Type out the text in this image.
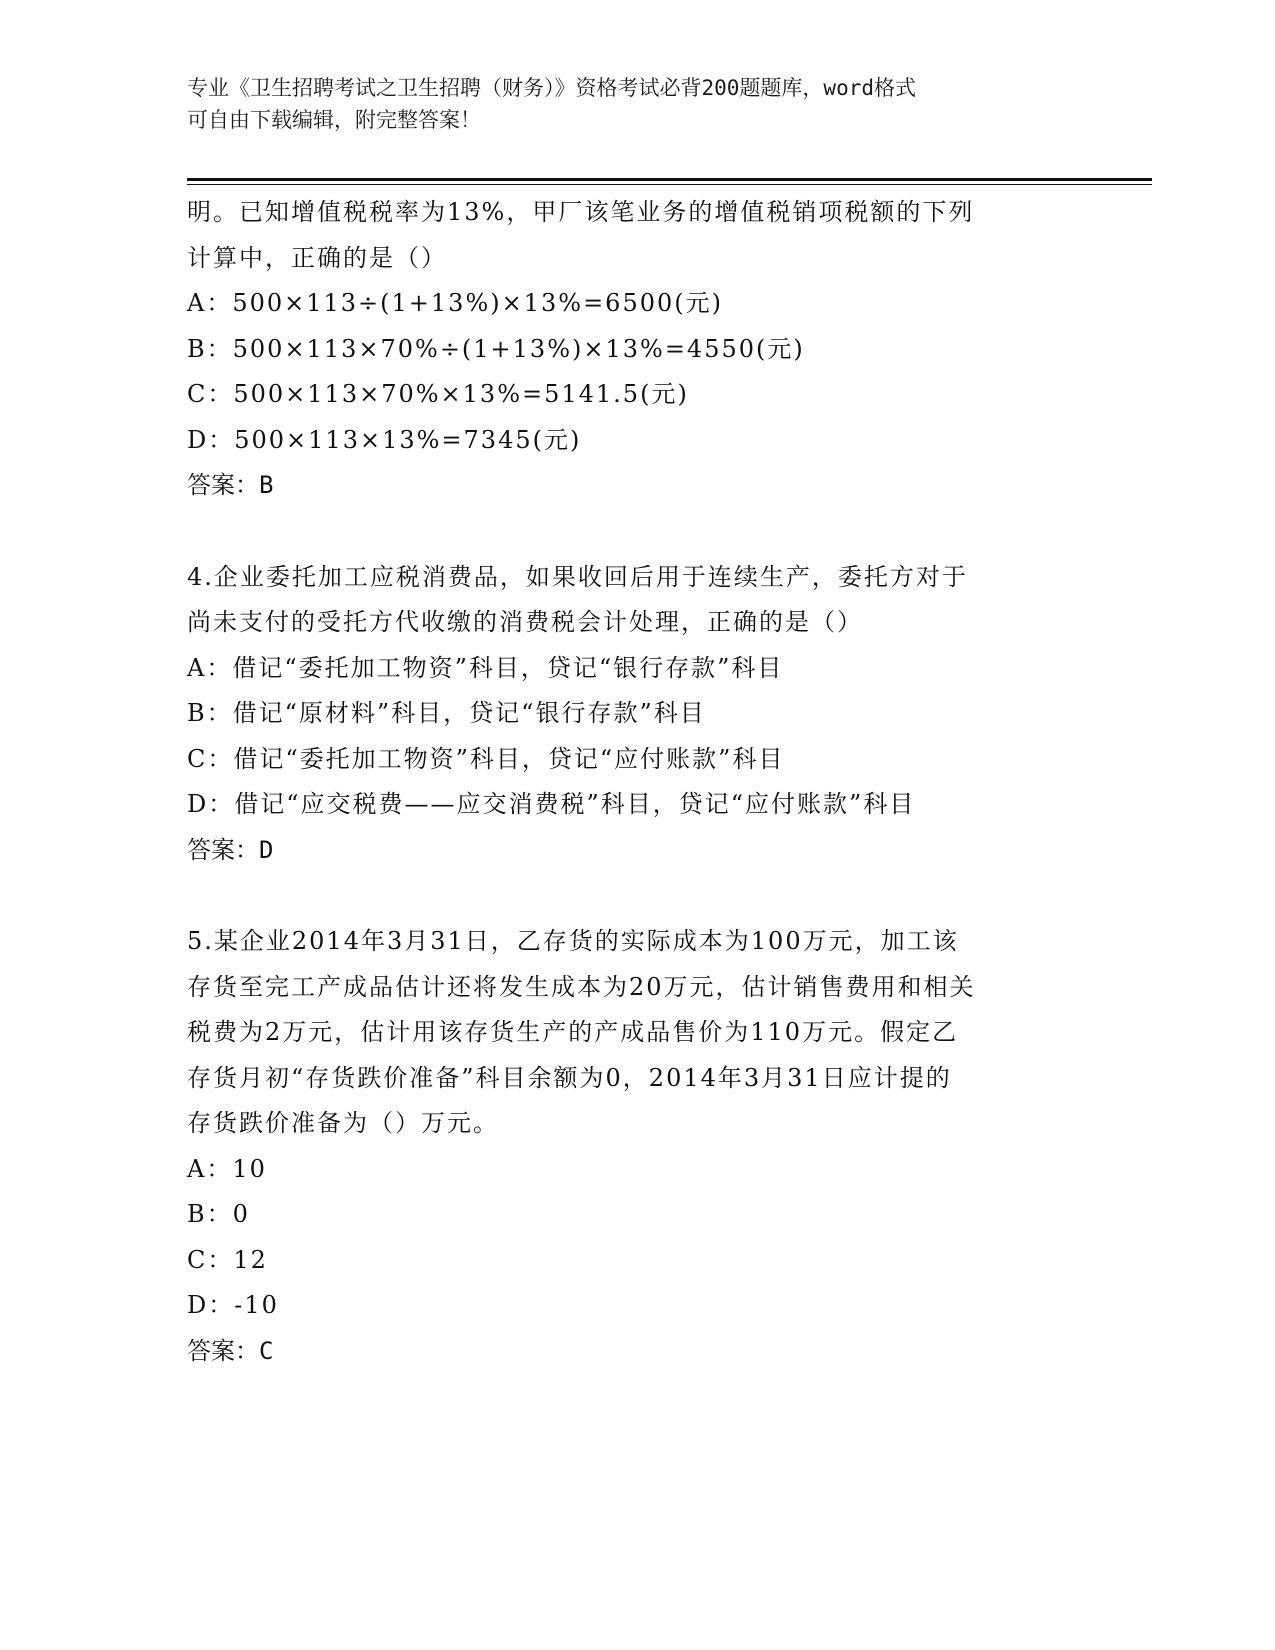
专业《卫生招聘考试之卫生招聘（财务）》资格考试必背200题题库，word格式
可自由下载编辑，附完整答案！
明。已知增值税税率为13%，甲厂该笔业务的增值税销项税额的下列
计算中，正确的是（）
A：500×113÷(1+13%)×13%=6500(元)
B：500×113×70%÷(1+13%)×13%=4550(元)
C：500×113×70%×13%=5141.5(元)
D：500×113×13%=7345(元)
答案：B
4.企业委托加工应税消费品，如果收回后用于连续生产，委托方对于
尚未支付的受托方代收缴的消费税会计处理，正确的是（）
A：借记“委托加工物资”科目，贷记“银行存款”科目
B：借记“原材料”科目，贷记“银行存款”科目
C：借记“委托加工物资”科目，贷记“应付账款”科目
D：借记“应交税费——应交消费税”科目，贷记“应付账款”科目
答案：D
5.某企业2014年3月31日，乙存货的实际成本为100万元，加工该
存货至完工产成品估计还将发生成本为20万元，估计销售费用和相关
税费为2万元，估计用该存货生产的产成品售价为110万元。假定乙
存货月初“存货跌价准备”科目余额为0，2014年3月31日应计提的
存货跌价准备为（）万元。
A：10
B：0
C：12
D：-10
答案：C
